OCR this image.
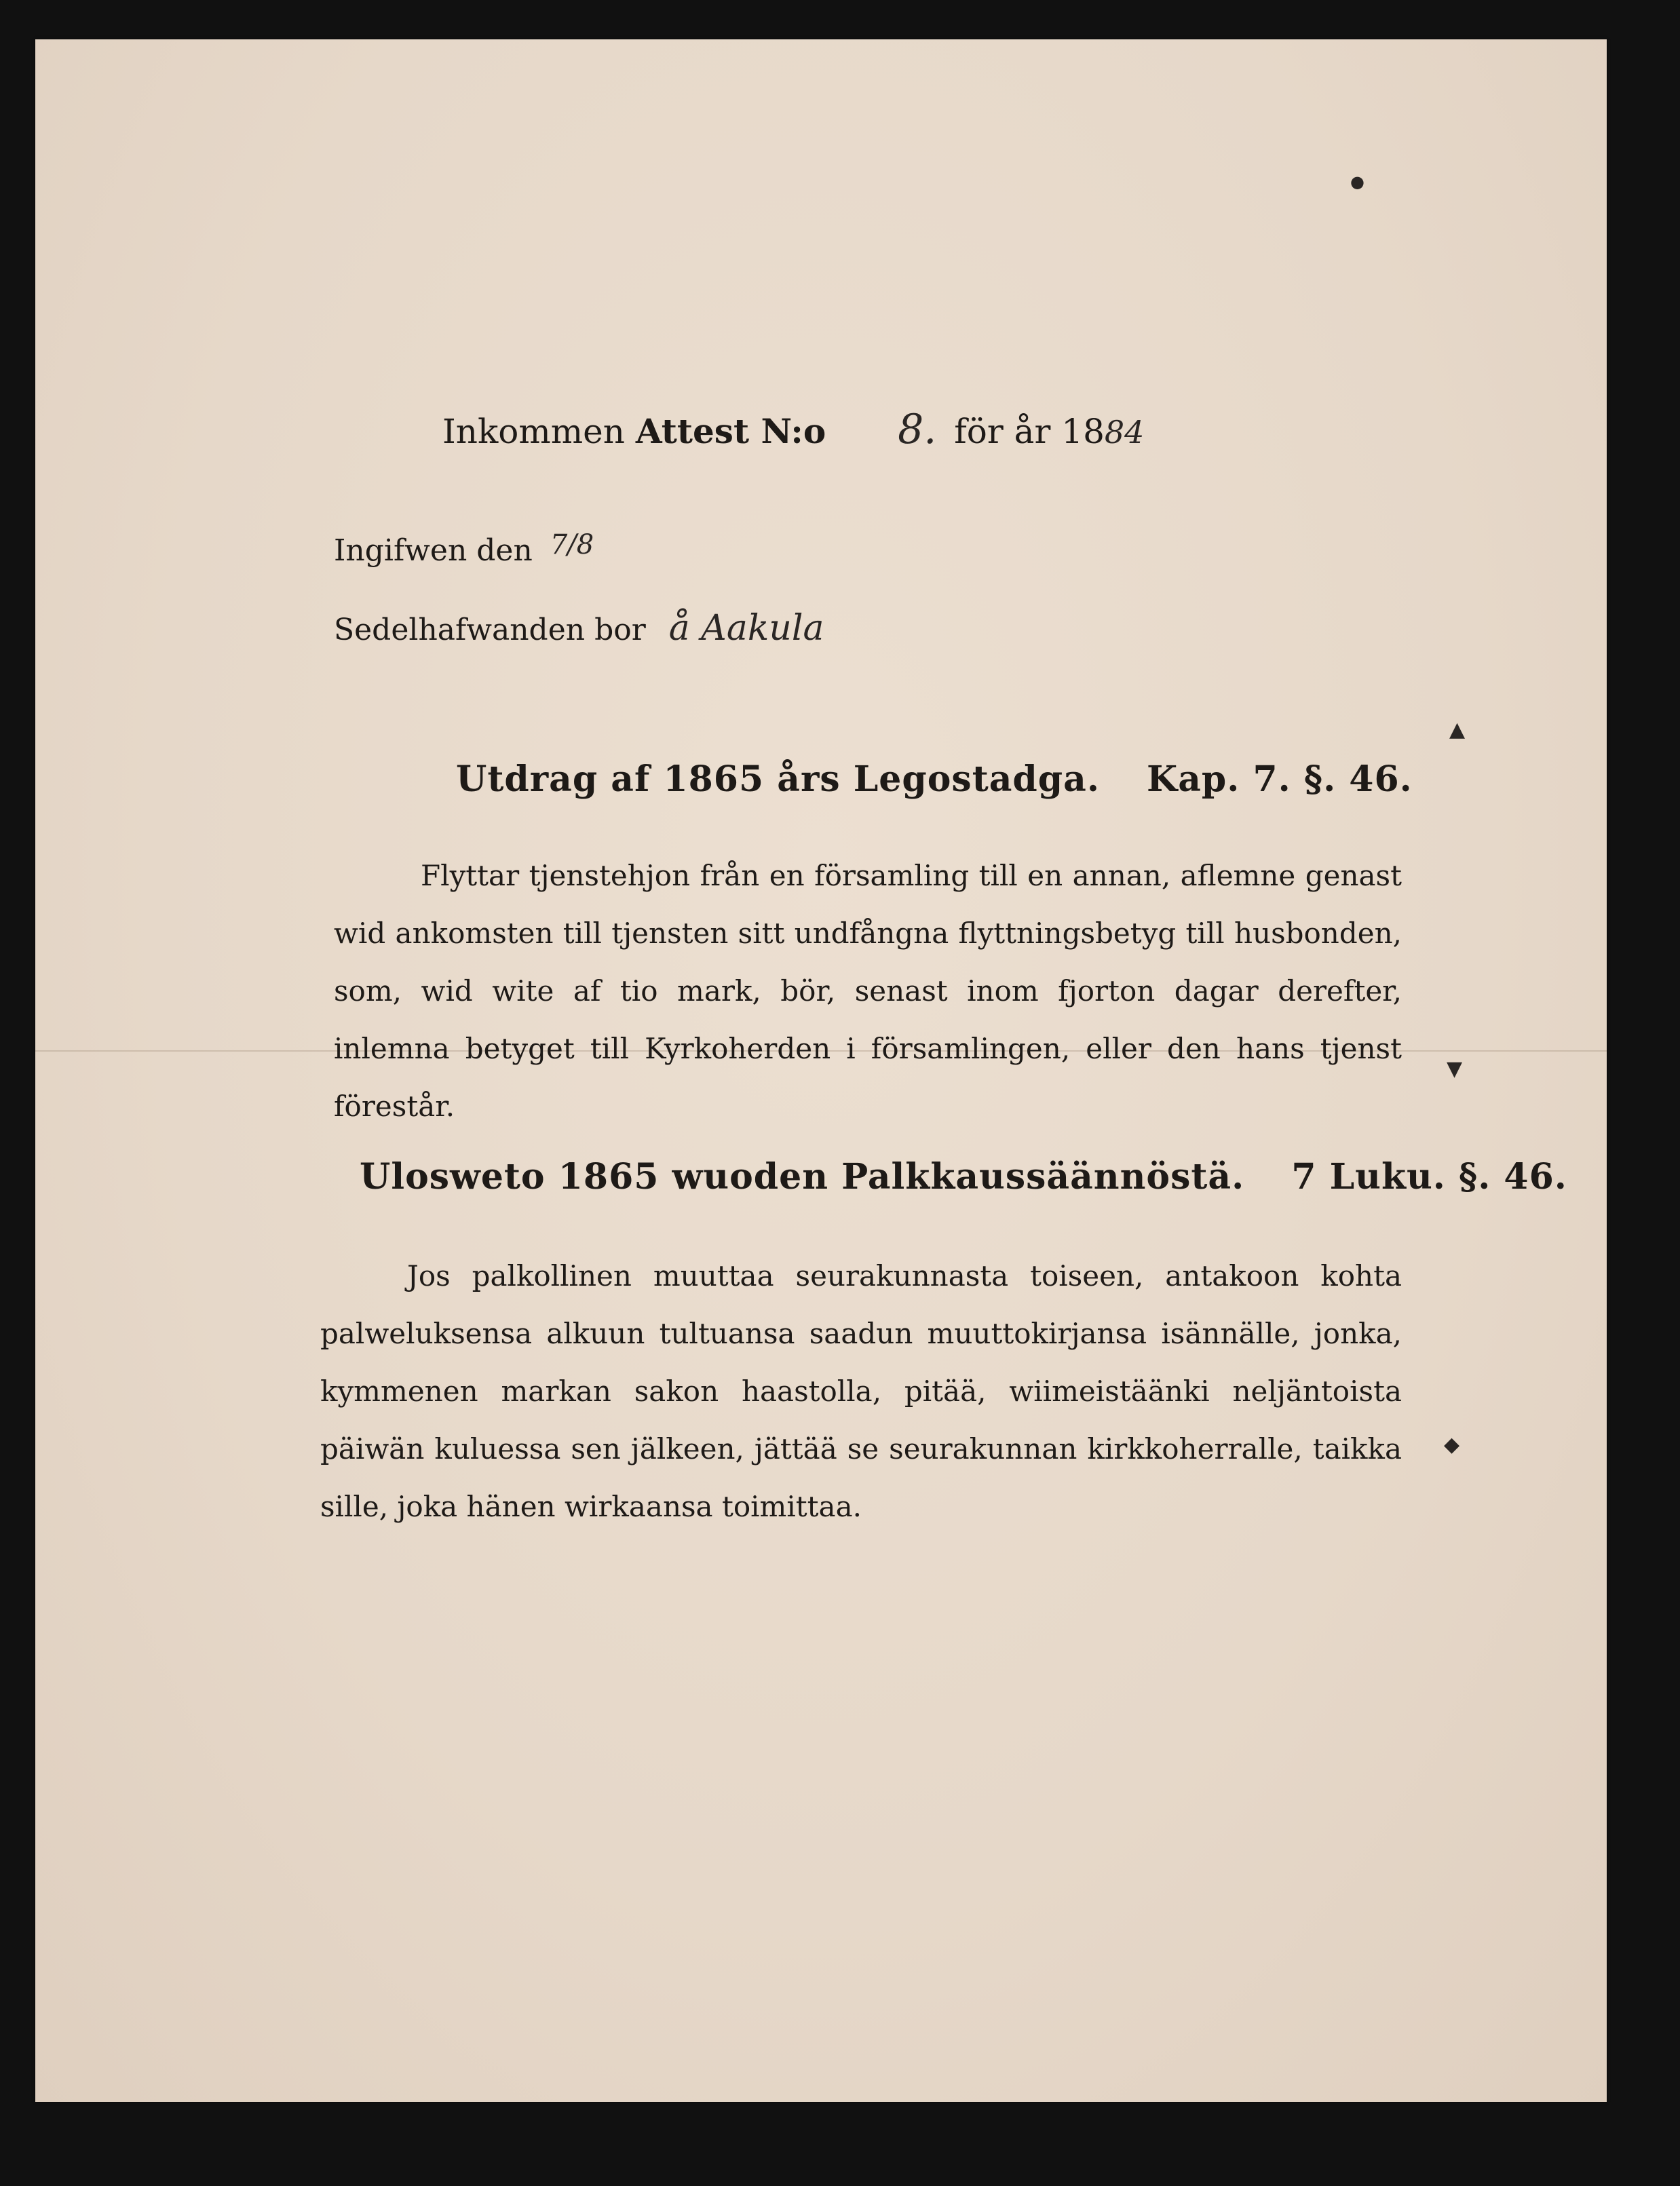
Inkommen Attest N:o 8. för år 1884
Ingifwen den 7/8
Sedelhafwanden bor å Aakula
Utdrag af 1865 års Legostadga. Kap. 7. §. 46.
Flyttar tjenstehjon från en församling till en annan, aflemne genast wid ankomsten till tjensten sitt undfångna flyttningsbetyg till husbonden, som, wid wite af tio mark, bör, senast inom fjorton dagar derefter, inlemna betyget till Kyrkoherden i församlingen, eller den hans tjenst förestår.
Ulosweto 1865 wuoden Palkkaussäännöstä. 7 Luku. §. 46.
Jos palkollinen muuttaa seurakunnasta toiseen, antakoon kohta palweluksensa alkuun tultuansa saadun muuttokirjansa isännälle, jonka, kymmenen markan sakon haastolla, pitää, wiimeistäänki neljäntoista päiwän kuluessa sen jälkeen, jättää se seurakunnan kirkkoherralle, taikka sille, joka hänen wirkaansa toimittaa.
●
▲
▼
◆
